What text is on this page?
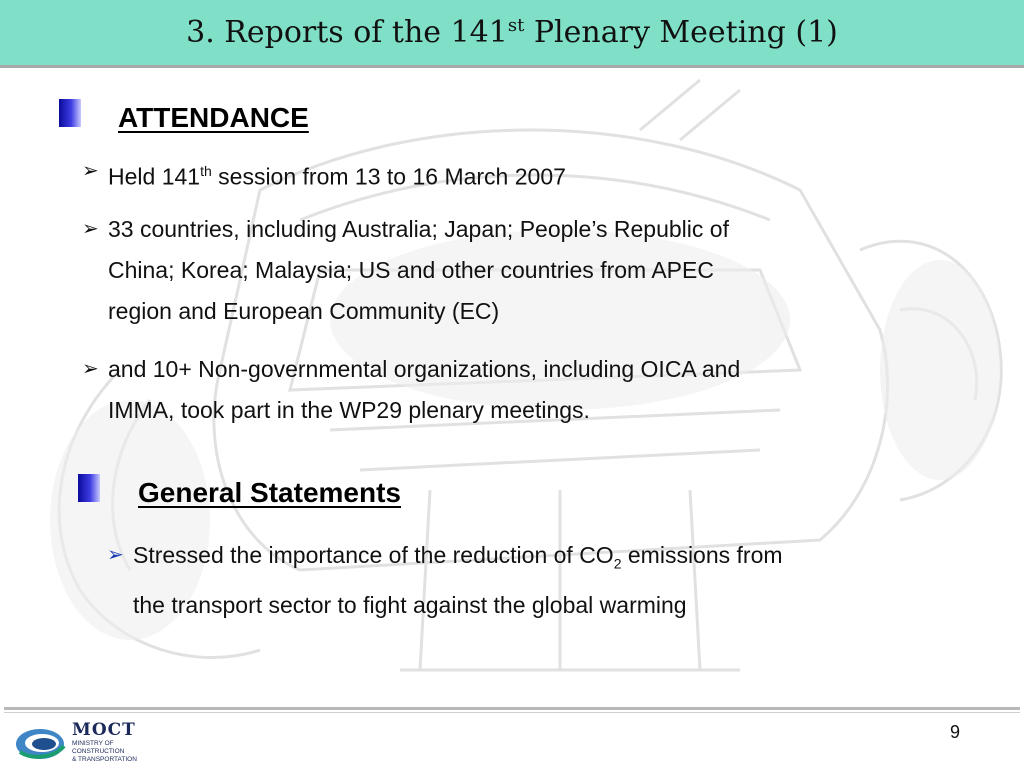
3. Reports of the 141st Plenary Meeting (1)
ATTENDANCE
➢ Held 141th session from 13 to 16 March 2007
➢ 33 countries, including Australia; Japan; People’s Republic of
China; Korea; Malaysia; US and other countries from APEC
region and European Community (EC)
➢ and 10+ Non-governmental organizations, including OICA and
IMMA, took part in the WP29 plenary meetings.
General Statements
➢ Stressed the importance of the reduction of $CO_2$ emissions from
the transport sector to fight against the global warming
MOCT
MINISTRY OF
CONSTRUCTION
& TRANSPORTATION
9
